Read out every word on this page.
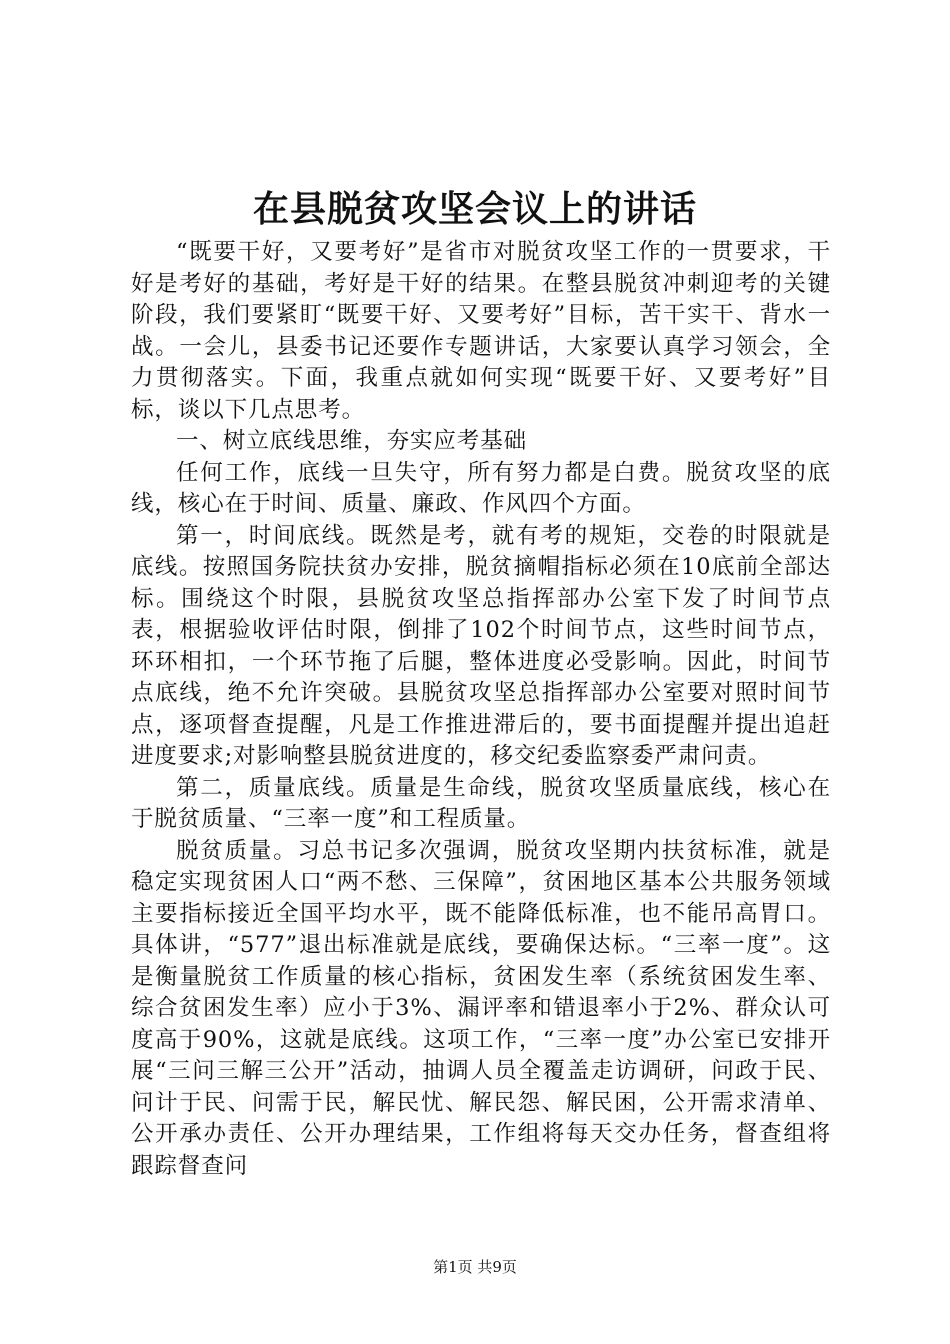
在县脱贫攻坚会议上的讲话

“既要干好，又要考好”是省市对脱贫攻坚工作的一贯要求，干好是考好的基础，考好是干好的结果。在整县脱贫冲刺迎考的关键阶段，我们要紧盯“既要干好、又要考好”目标，苦干实干、背水一战。一会儿，县委书记还要作专题讲话，大家要认真学习领会，全力贯彻落实。下面，我重点就如何实现“既要干好、又要考好”目标，谈以下几点思考。

一、树立底线思维，夯实应考基础

任何工作，底线一旦失守，所有努力都是白费。脱贫攻坚的底线，核心在于时间、质量、廉政、作风四个方面。

第一，时间底线。既然是考，就有考的规矩，交卷的时限就是底线。按照国务院扶贫办安排，脱贫摘帽指标必须在10底前全部达标。围绕这个时限，县脱贫攻坚总指挥部办公室下发了时间节点表，根据验收评估时限，倒排了102个时间节点，这些时间节点，环环相扣，一个环节拖了后腿，整体进度必受影响。因此，时间节点底线，绝不允许突破。县脱贫攻坚总指挥部办公室要对照时间节点，逐项督查提醒，凡是工作推进滞后的，要书面提醒并提出追赶进度要求;对影响整县脱贫进度的，移交纪委监察委严肃问责。

第二，质量底线。质量是生命线，脱贫攻坚质量底线，核心在于脱贫质量、“三率一度”和工程质量。

脱贫质量。习总书记多次强调，脱贫攻坚期内扶贫标准，就是稳定实现贫困人口“两不愁、三保障”，贫困地区基本公共服务领域主要指标接近全国平均水平，既不能降低标准，也不能吊高胃口。具体讲，“577”退出标准就是底线，要确保达标。“三率一度”。这是衡量脱贫工作质量的核心指标，贫困发生率（系统贫困发生率、综合贫困发生率）应小于3%、漏评率和错退率小于2%、群众认可度高于90%，这就是底线。这项工作，“三率一度”办公室已安排开展“三问三解三公开”活动，抽调人员全覆盖走访调研，问政于民、问计于民、问需于民，解民忧、解民怨、解民困，公开需求清单、公开承办责任、公开办理结果，工作组将每天交办任务，督查组将跟踪督查问

第1页 共9页
